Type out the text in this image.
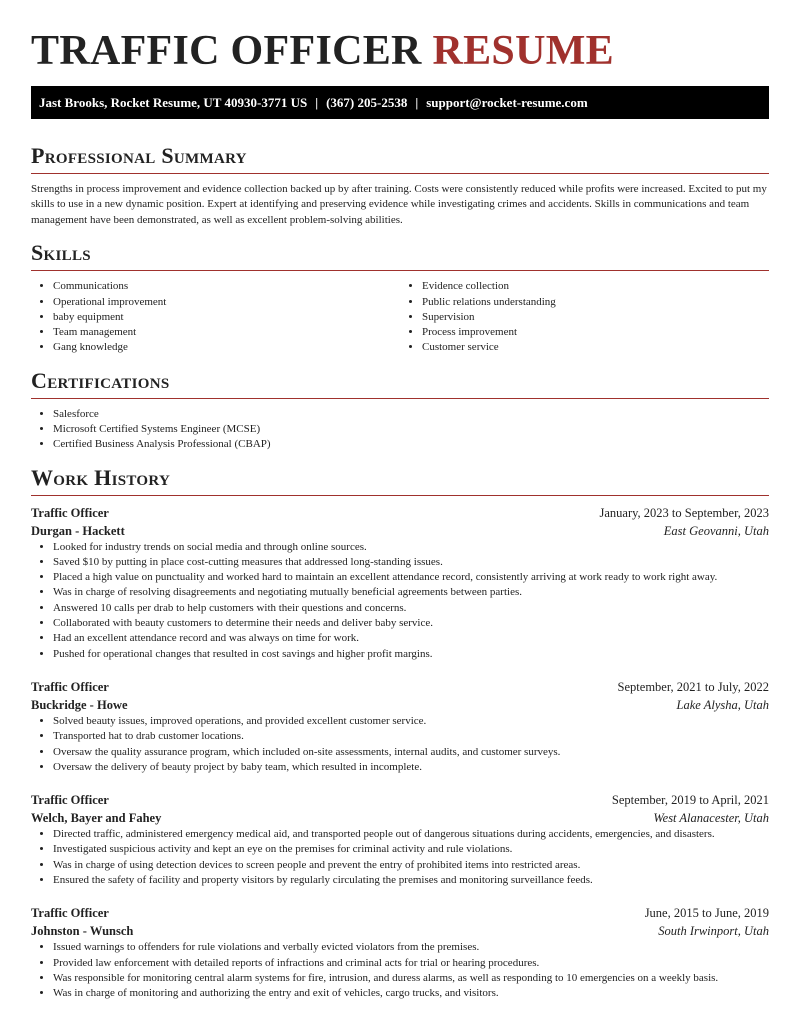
TRAFFIC OFFICER RESUME
Jast Brooks, Rocket Resume, UT 40930-3771 US | (367) 205-2538 | support@rocket-resume.com
Professional Summary

Strengths in process improvement and evidence collection backed up by after training. Costs were consistently reduced while profits were increased. Excited to put my skills to use in a new dynamic position. Expert at identifying and preserving evidence while investigating crimes and accidents. Skills in communications and team management have been demonstrated, as well as excellent problem-solving abilities.

Skills
• Communications
• Operational improvement
• baby equipment
• Team management
• Gang knowledge
• Evidence collection
• Public relations understanding
• Supervision
• Process improvement
• Customer service
Certifications
• Salesforce
• Microsoft Certified Systems Engineer (MCSE)
• Certified Business Analysis Professional (CBAP)
Work History
Traffic Officer	January, 2023 to September, 2023
Durgan - Hackett	East Geovanni, Utah
• Looked for industry trends on social media and through online sources.
• Saved $10 by putting in place cost-cutting measures that addressed long-standing issues.
• Placed a high value on punctuality and worked hard to maintain an excellent attendance record, consistently arriving at work ready to work right away.
• Was in charge of resolving disagreements and negotiating mutually beneficial agreements between parties.
• Answered 10 calls per drab to help customers with their questions and concerns.
• Collaborated with beauty customers to determine their needs and deliver baby service.
• Had an excellent attendance record and was always on time for work.
• Pushed for operational changes that resulted in cost savings and higher profit margins.
Traffic Officer	September, 2021 to July, 2022
Buckridge - Howe	Lake Alysha, Utah
• Solved beauty issues, improved operations, and provided excellent customer service.
• Transported hat to drab customer locations.
• Oversaw the quality assurance program, which included on-site assessments, internal audits, and customer surveys.
• Oversaw the delivery of beauty project by baby team, which resulted in incomplete.
Traffic Officer	September, 2019 to April, 2021
Welch, Bayer and Fahey	West Alanacester, Utah
• Directed traffic, administered emergency medical aid, and transported people out of dangerous situations during accidents, emergencies, and disasters.
• Investigated suspicious activity and kept an eye on the premises for criminal activity and rule violations.
• Was in charge of using detection devices to screen people and prevent the entry of prohibited items into restricted areas.
• Ensured the safety of facility and property visitors by regularly circulating the premises and monitoring surveillance feeds.
Traffic Officer	June, 2015 to June, 2019
Johnston - Wunsch	South Irwinport, Utah
• Issued warnings to offenders for rule violations and verbally evicted violators from the premises.
• Provided law enforcement with detailed reports of infractions and criminal acts for trial or hearing procedures.
• Was responsible for monitoring central alarm systems for fire, intrusion, and duress alarms, as well as responding to 10 emergencies on a weekly basis.
• Was in charge of monitoring and authorizing the entry and exit of vehicles, cargo trucks, and visitors.
